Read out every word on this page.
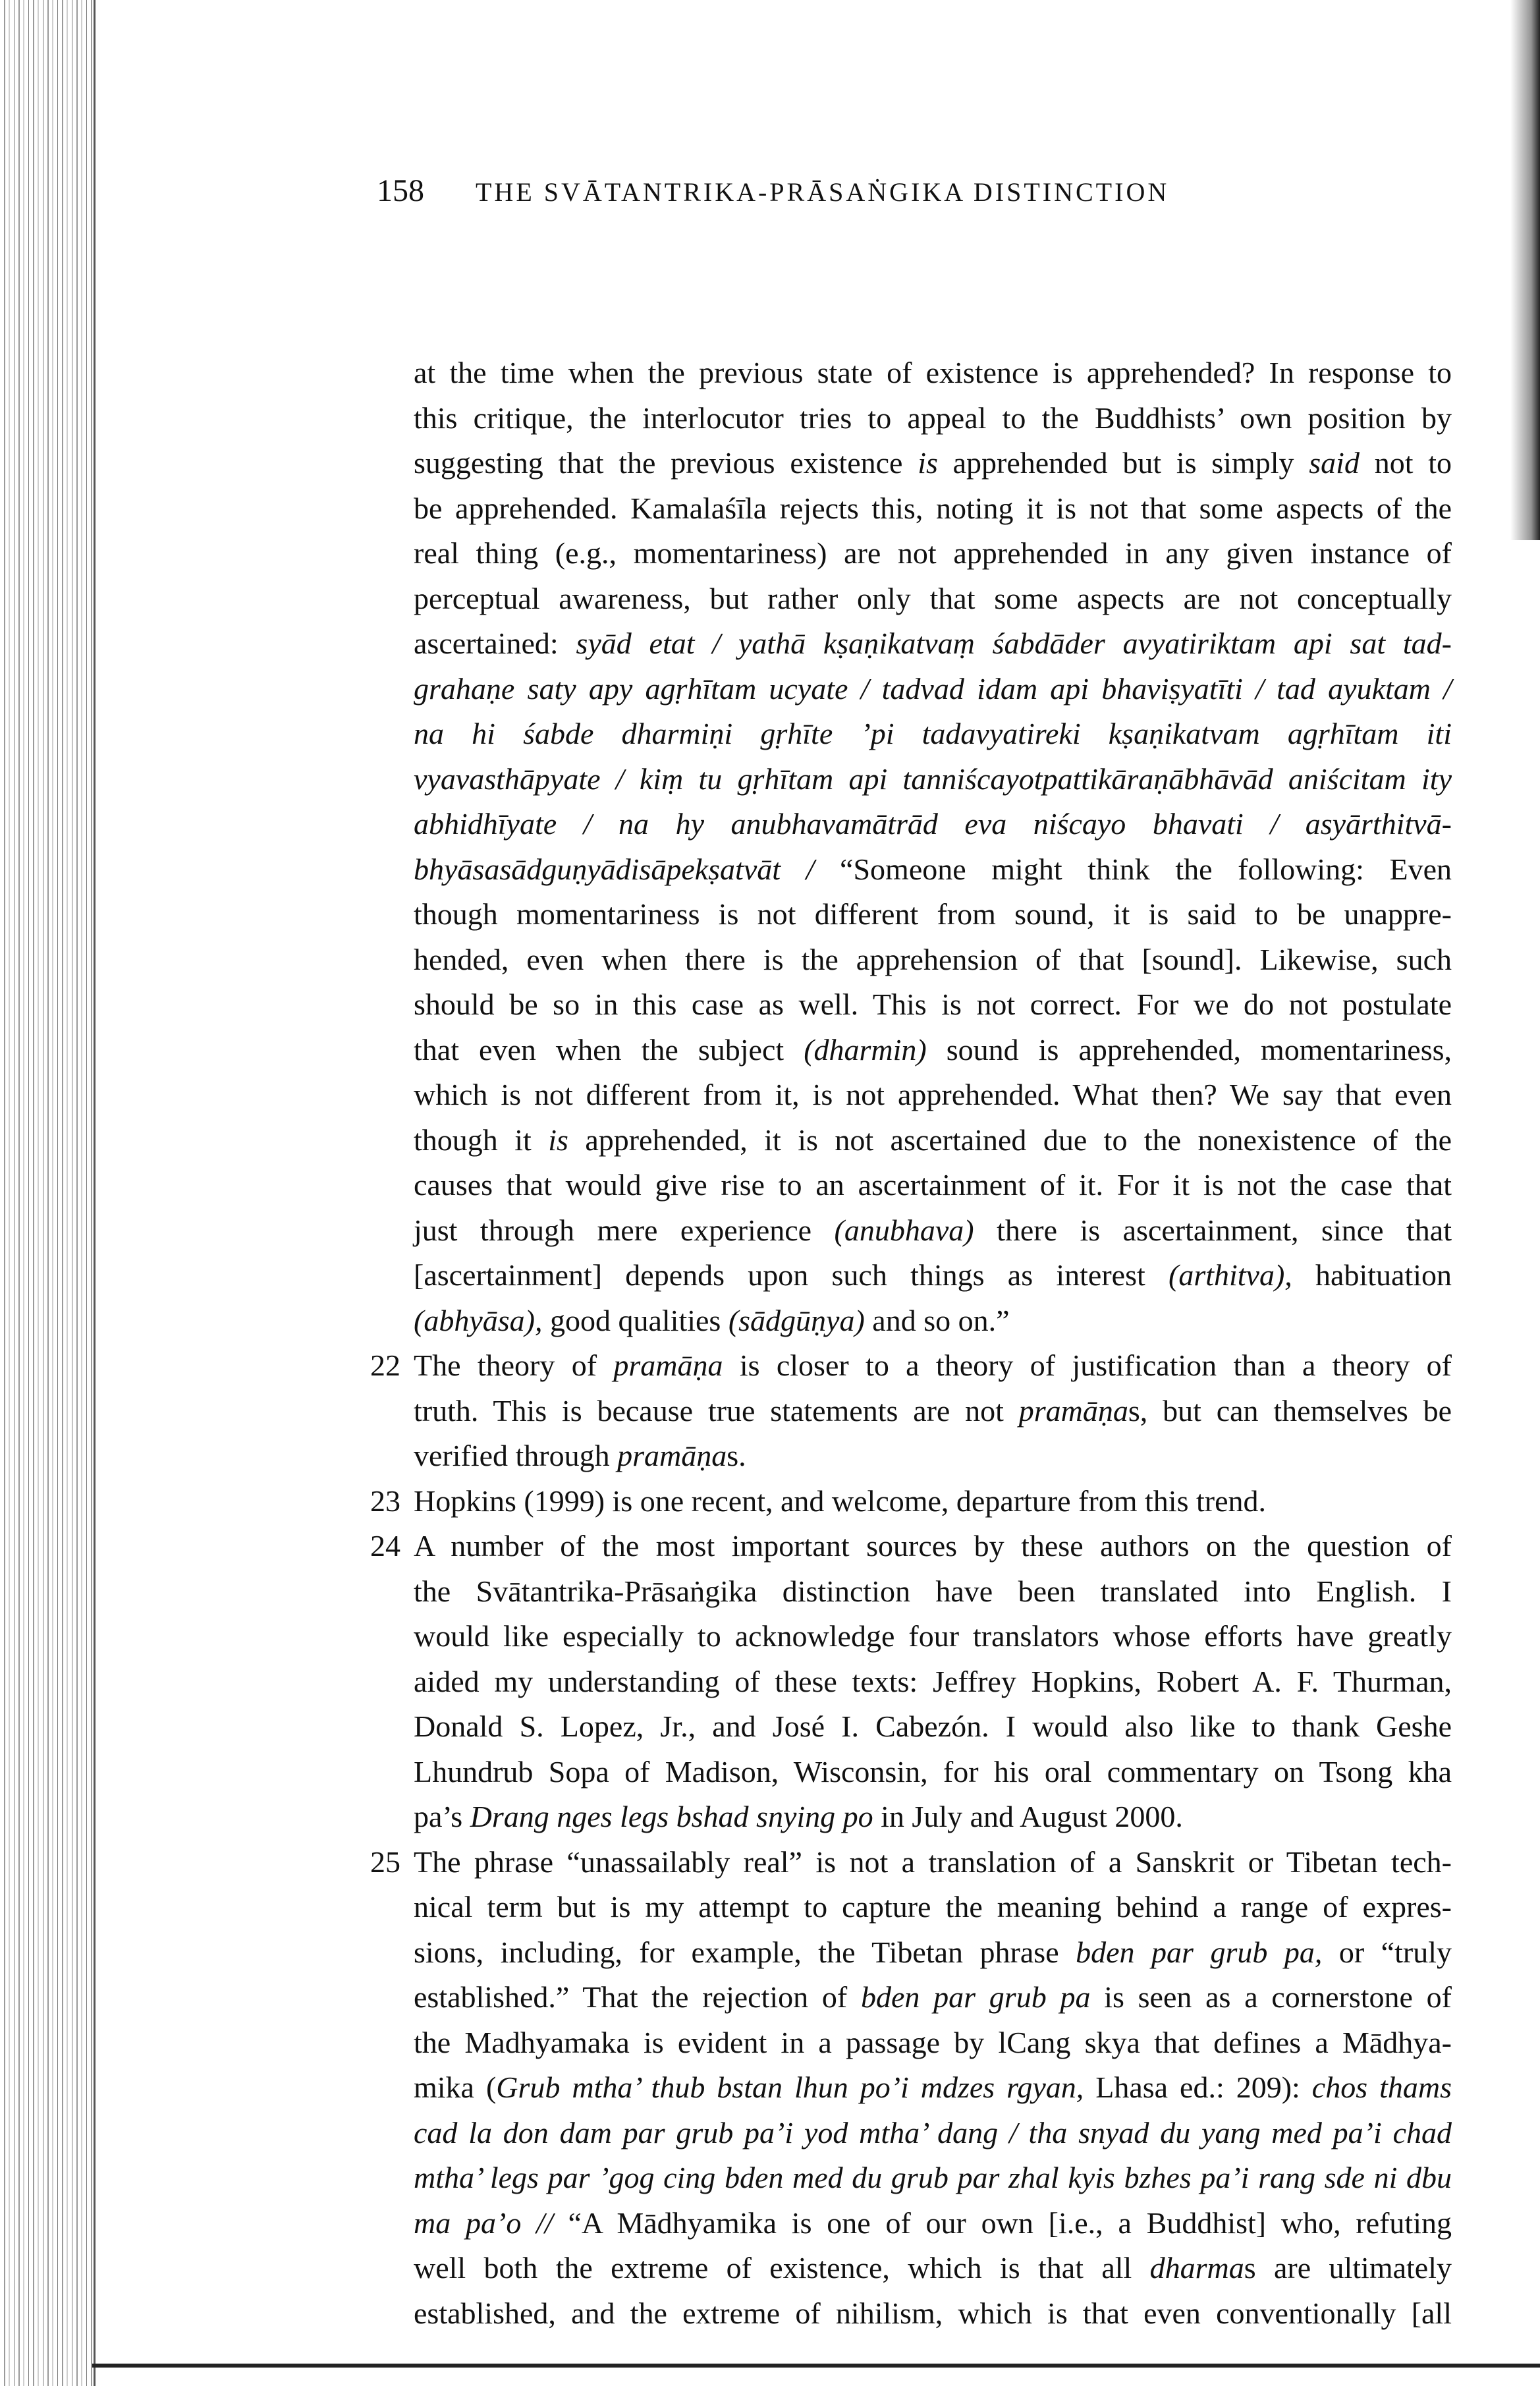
158 THE SVĀTANTRIKA-PRĀSAṄGIKA DISTINCTION
at the time when the previous state of existence is apprehended? In response to
this critique, the interlocutor tries to appeal to the Buddhists’ own position by
suggesting that the previous existence is apprehended but is simply said not to
be apprehended. Kamalaśīla rejects this, noting it is not that some aspects of the
real thing (e.g., momentariness) are not apprehended in any given instance of
perceptual awareness, but rather only that some aspects are not conceptually
ascertained: syād etat / yathā kṣaṇikatvaṃ śabdāder avyatiriktam api sat tad-
grahaṇe saty apy agṛhītam ucyate / tadvad idam api bhaviṣyatīti / tad ayuktam /
na hi śabde dharmiṇi gṛhīte ’pi tadavyatireki kṣaṇikatvam agṛhītam iti
vyavasthāpyate / kiṃ tu gṛhītam api tanniścayotpattikāraṇābhāvād aniścitam ity
abhidhīyate / na hy anubhavamātrād eva niścayo bhavati / asyārthitvā-
bhyāsasādguṇyādisāpekṣatvāt / “Someone might think the following: Even
though momentariness is not different from sound, it is said to be unappre-
hended, even when there is the apprehension of that [sound]. Likewise, such
should be so in this case as well. This is not correct. For we do not postulate
that even when the subject (dharmin) sound is apprehended, momentariness,
which is not different from it, is not apprehended. What then? We say that even
though it is apprehended, it is not ascertained due to the nonexistence of the
causes that would give rise to an ascertainment of it. For it is not the case that
just through mere experience (anubhava) there is ascertainment, since that
[ascertainment] depends upon such things as interest (arthitva), habituation
(abhyāsa), good qualities (sādgūṇya) and so on.”
22 The theory of pramāṇa is closer to a theory of justification than a theory of
truth. This is because true statements are not pramāṇas, but can themselves be
verified through pramāṇas.
23 Hopkins (1999) is one recent, and welcome, departure from this trend.
24 A number of the most important sources by these authors on the question of
the Svātantrika-Prāsaṅgika distinction have been translated into English. I
would like especially to acknowledge four translators whose efforts have greatly
aided my understanding of these texts: Jeffrey Hopkins, Robert A. F. Thurman,
Donald S. Lopez, Jr., and José I. Cabezón. I would also like to thank Geshe
Lhundrub Sopa of Madison, Wisconsin, for his oral commentary on Tsong kha
pa’s Drang nges legs bshad snying po in July and August 2000.
25 The phrase “unassailably real” is not a translation of a Sanskrit or Tibetan tech-
nical term but is my attempt to capture the meaning behind a range of expres-
sions, including, for example, the Tibetan phrase bden par grub pa, or “truly
established.” That the rejection of bden par grub pa is seen as a cornerstone of
the Madhyamaka is evident in a passage by lCang skya that defines a Mādhya-
mika (Grub mtha’ thub bstan lhun po’i mdzes rgyan, Lhasa ed.: 209): chos thams
cad la don dam par grub pa’i yod mtha’ dang / tha snyad du yang med pa’i chad
mtha’ legs par ’gog cing bden med du grub par zhal kyis bzhes pa’i rang sde ni dbu
ma pa’o // “A Mādhyamika is one of our own [i.e., a Buddhist] who, refuting
well both the extreme of existence, which is that all dharmas are ultimately
established, and the extreme of nihilism, which is that even conventionally [all
